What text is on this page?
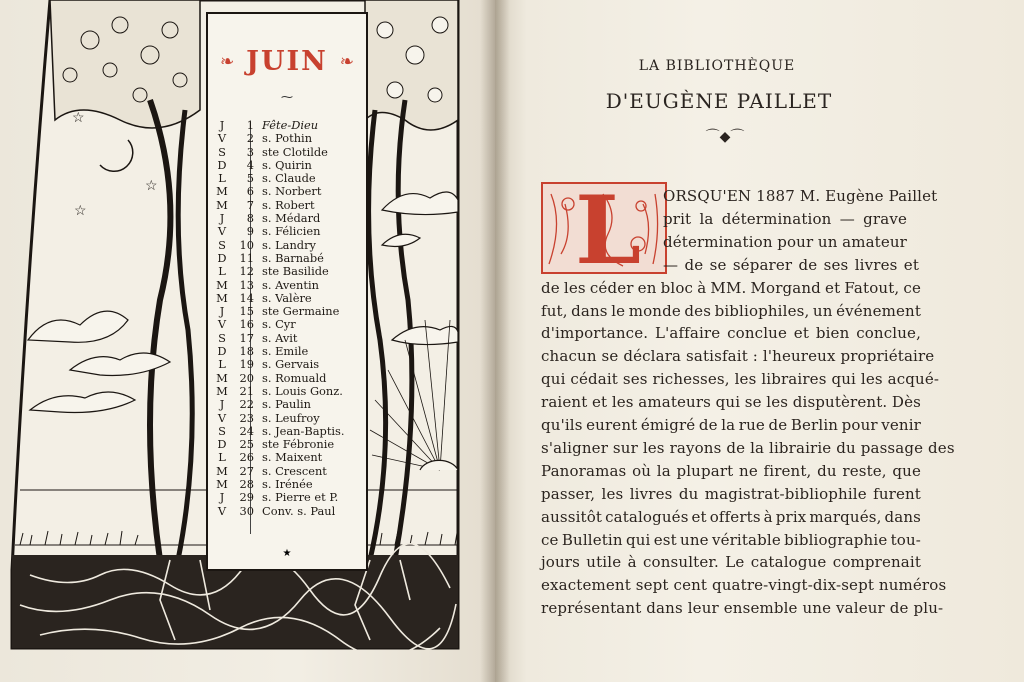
☆
☆
☆
❧ JUIN ❧
⁓
J	1 Fête-Dieu
V	2 s. Pothin
S	3 ste Clotilde
D	4 s. Quirin
L	5 s. Claude
M	6 s. Norbert
M	7 s. Robert
J	8 s. Médard
V	9 s. Félicien
S	10 s. Landry
D	11 s. Barnabé
L	12 ste Basilide
M	13 s. Aventin
M	14 s. Valère
J	15 ste Germaine
V	16 s. Cyr
S	17 s. Avit
D	18 s. Emile
L	19 s. Gervais
M	20 s. Romuald
M	21 s. Louis Gonz.
J	22 s. Paulin
V	23 s. Leufroy
S	24 s. Jean-Baptis.
D	25 ste Fébronie
L	26 s. Maixent
M	27 s. Crescent
M	28 s. Irénée
J	29 s. Pierre et P.
V	30 Conv. s. Paul
★
LA BIBLIOTHÈQUE
D'EUGÈNE PAILLET
⌒◆⌒
L ORSQU'EN 1887 M. Eugène Paillet
prit la détermination — grave
détermination pour un amateur
— de se séparer de ses livres et
de les céder en bloc à MM. Morgand et Fatout, ce
fut, dans le monde des bibliophiles, un événement
d'importance. L'affaire conclue et bien conclue,
chacun se déclara satisfait : l'heureux propriétaire
qui cédait ses richesses, les libraires qui les acqué-
raient et les amateurs qui se les disputèrent. Dès
qu'ils eurent émigré de la rue de Berlin pour venir
s'aligner sur les rayons de la librairie du passage des
Panoramas où la plupart ne firent, du reste, que
passer, les livres du magistrat-bibliophile furent
aussitôt catalogués et offerts à prix marqués, dans
ce Bulletin qui est une véritable bibliographie tou-
jours utile à consulter. Le catalogue comprenait
exactement sept cent quatre-vingt-dix-sept numéros
représentant dans leur ensemble une valeur de plu-
